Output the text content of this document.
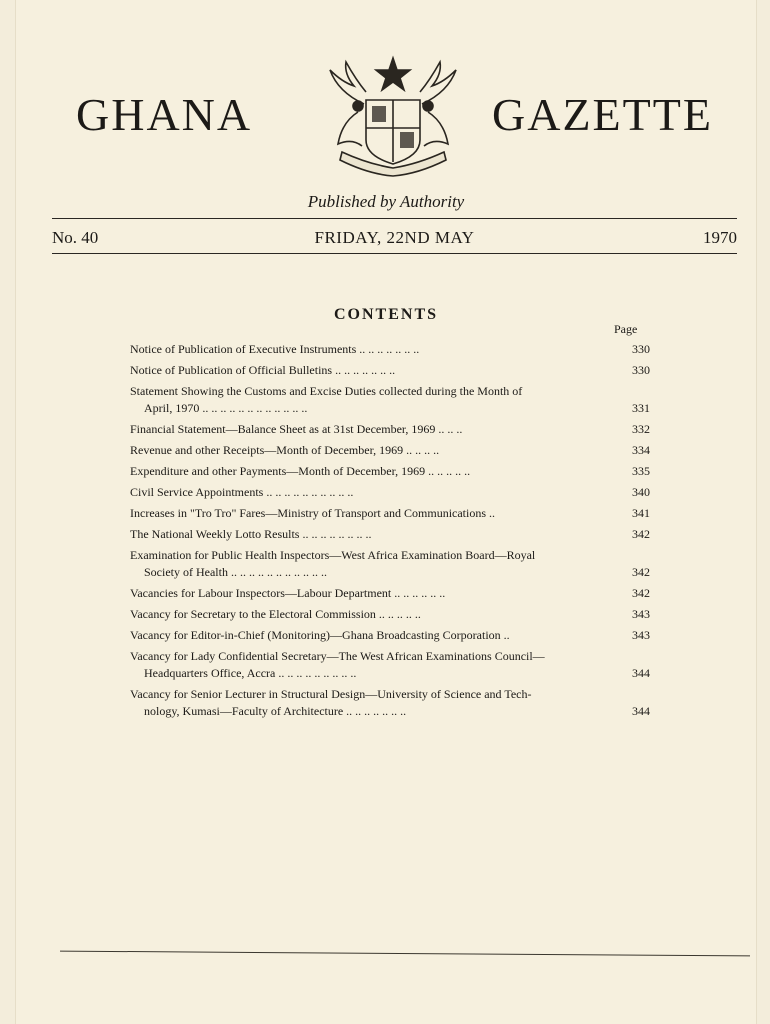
GHANA	GAZETTE
Published by Authority
No. 40	FRIDAY, 22ND MAY	1970
CONTENTS
Page
Notice of Publication of Executive Instruments .. .. .. .. .. .. ..	330
Notice of Publication of Official Bulletins .. .. .. .. .. .. ..	330
Statement Showing the Customs and Excise Duties collected during the Month of
April, 1970 .. .. .. .. .. .. .. .. .. .. .. ..	331
Financial Statement—Balance Sheet as at 31st December, 1969 .. .. ..	332
Revenue and other Receipts—Month of December, 1969 .. .. .. ..	334
Expenditure and other Payments—Month of December, 1969 .. .. .. .. ..	335
Civil Service Appointments .. .. .. .. .. .. .. .. .. ..	340
Increases in "Tro Tro" Fares—Ministry of Transport and Communications ..	341
The National Weekly Lotto Results .. .. .. .. .. .. .. ..	342
Examination for Public Health Inspectors—West Africa Examination Board—Royal
Society of Health .. .. .. .. .. .. .. .. .. .. ..	342
Vacancies for Labour Inspectors—Labour Department .. .. .. .. .. ..	342
Vacancy for Secretary to the Electoral Commission .. .. .. .. ..	343
Vacancy for Editor-in-Chief (Monitoring)—Ghana Broadcasting Corporation ..	343
Vacancy for Lady Confidential Secretary—The West African Examinations Council—
Headquarters Office, Accra .. .. .. .. .. .. .. .. ..	344
Vacancy for Senior Lecturer in Structural Design—University of Science and Tech-
nology, Kumasi—Faculty of Architecture .. .. .. .. .. .. ..	344
